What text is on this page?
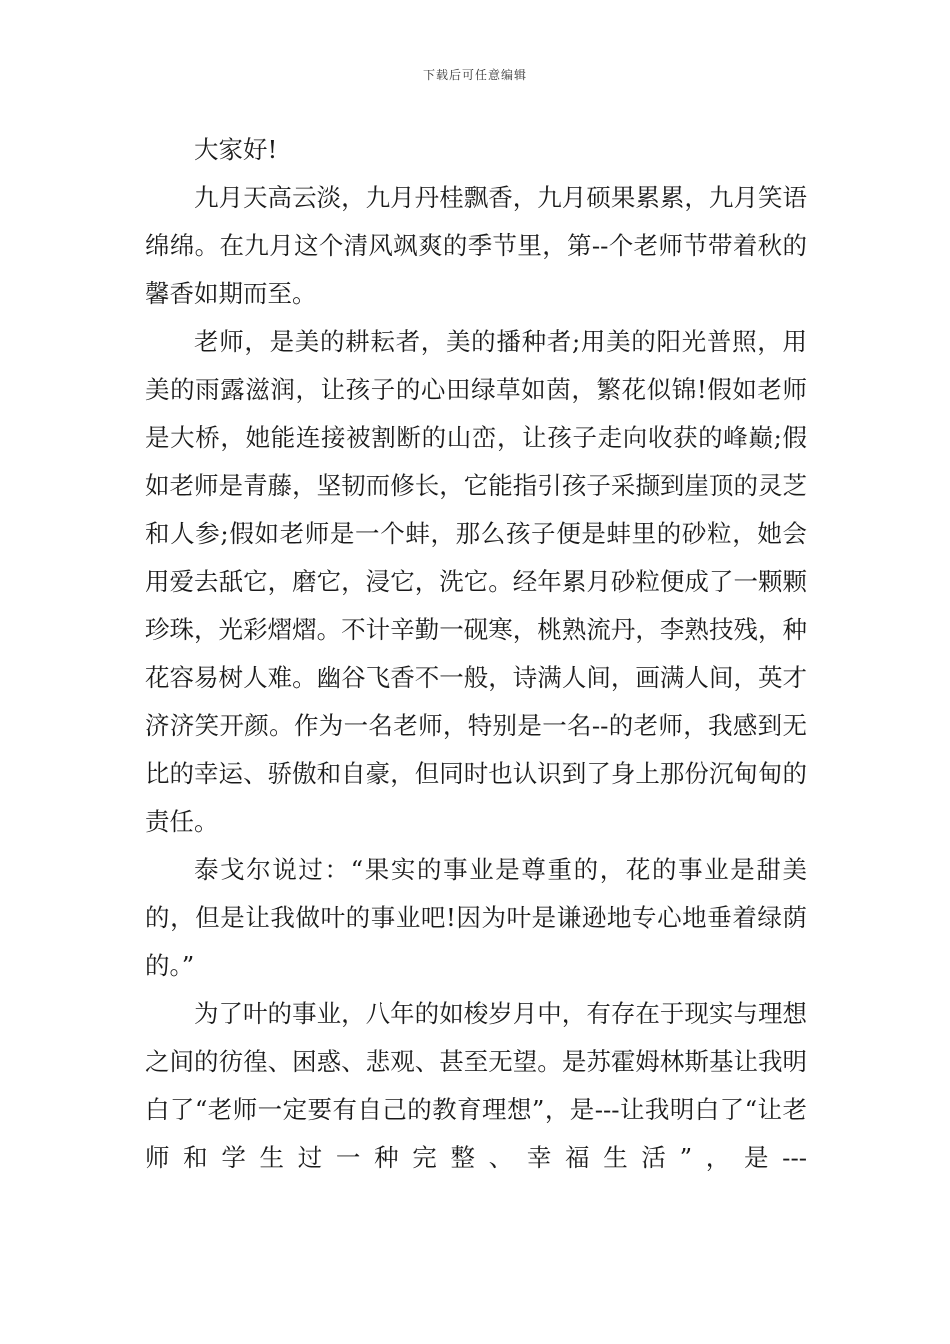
下载后可任意编辑

大家好!

九月天高云淡，九月丹桂飘香，九月硕果累累，九月笑语绵绵。在九月这个清风飒爽的季节里，第--个老师节带着秋的馨香如期而至。

老师，是美的耕耘者，美的播种者;用美的阳光普照，用美的雨露滋润，让孩子的心田绿草如茵，繁花似锦!假如老师是大桥，她能连接被割断的山峦，让孩子走向收获的峰巅;假如老师是青藤，坚韧而修长，它能指引孩子采撷到崖顶的灵芝和人参;假如老师是一个蚌，那么孩子便是蚌里的砂粒，她会用爱去舐它，磨它，浸它，洗它。经年累月砂粒便成了一颗颗珍珠，光彩熠熠。不计辛勤一砚寒，桃熟流丹，李熟技残，种花容易树人难。幽谷飞香不一般，诗满人间，画满人间，英才济济笑开颜。作为一名老师，特别是一名--的老师，我感到无比的幸运、骄傲和自豪，但同时也认识到了身上那份沉甸甸的责任。

泰戈尔说过：“果实的事业是尊重的，花的事业是甜美的，但是让我做叶的事业吧!因为叶是谦逊地专心地垂着绿荫的。”

为了叶的事业，八年的如梭岁月中，有存在于现实与理想之间的彷徨、困惑、悲观、甚至无望。是苏霍姆林斯基让我明白了“老师一定要有自己的教育理想”，是---让我明白了“让老师和学生过一种完整、幸福生活”，是---
